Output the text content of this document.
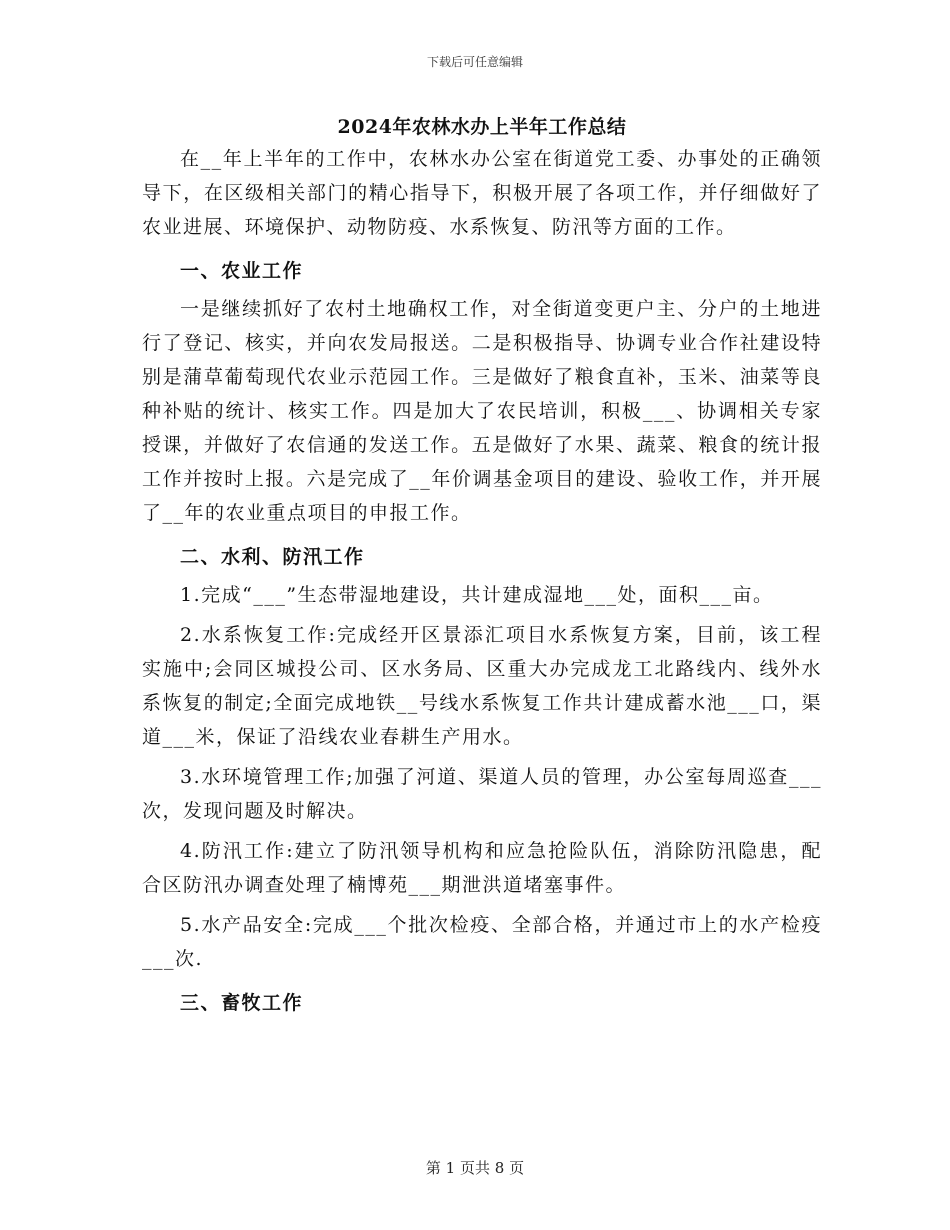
下载后可任意编辑
2024年农林水办上半年工作总结

在__年上半年的工作中，农林水办公室在街道党工委、办事处的正确领导下，在区级相关部门的精心指导下，积极开展了各项工作，并仔细做好了农业进展、环境保护、动物防疫、水系恢复、防汛等方面的工作。

一、农业工作

一是继续抓好了农村土地确权工作，对全街道变更户主、分户的土地进行了登记、核实，并向农发局报送。二是积极指导、协调专业合作社建设特别是蒲草葡萄现代农业示范园工作。三是做好了粮食直补，玉米、油菜等良种补贴的统计、核实工作。四是加大了农民培训，积极___、协调相关专家授课，并做好了农信通的发送工作。五是做好了水果、蔬菜、粮食的统计报工作并按时上报。六是完成了__年价调基金项目的建设、验收工作，并开展了__年的农业重点项目的申报工作。

二、水利、防汛工作

1.完成“___”生态带湿地建设，共计建成湿地___处，面积___亩。

2.水系恢复工作:完成经开区景添汇项目水系恢复方案，目前，该工程实施中;会同区城投公司、区水务局、区重大办完成龙工北路线内、线外水系恢复的制定;全面完成地铁__号线水系恢复工作共计建成蓄水池___口，渠道___米，保证了沿线农业春耕生产用水。

3.水环境管理工作;加强了河道、渠道人员的管理，办公室每周巡查___次，发现问题及时解决。

4.防汛工作:建立了防汛领导机构和应急抢险队伍，消除防汛隐患，配合区防汛办调查处理了楠博苑___期泄洪道堵塞事件。

5.水产品安全:完成___个批次检疫、全部合格，并通过市上的水产检疫___次.

三、畜牧工作

第 1 页共 8 页
